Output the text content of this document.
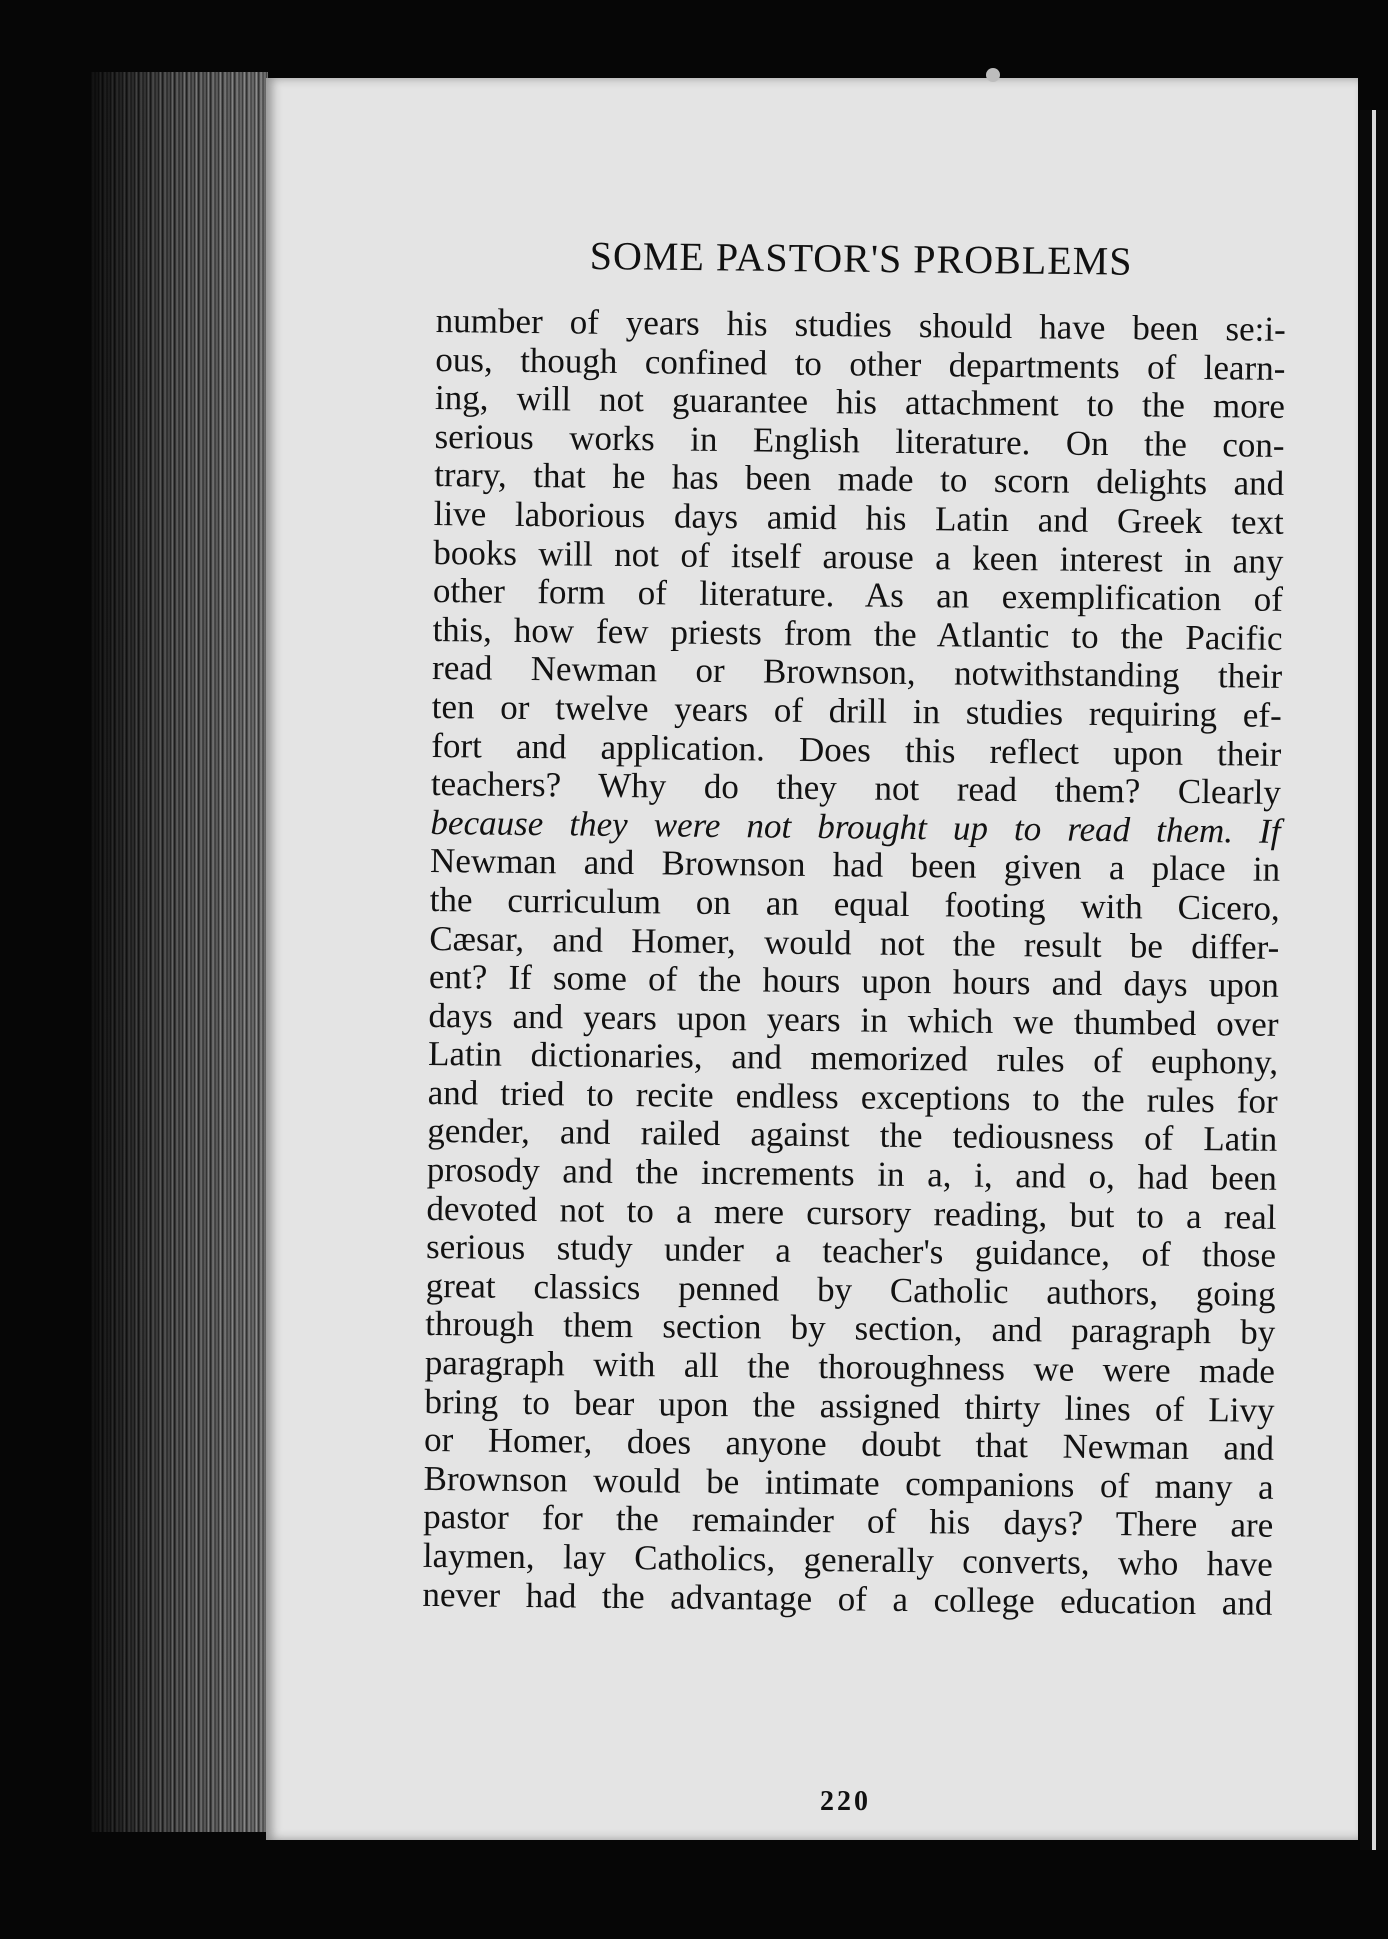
SOME PASTOR'S PROBLEMS
number of years his studies should have been se:i-
ous, though confined to other departments of learn-
ing, will not guarantee his attachment to the more
serious works in English literature. On the con-
trary, that he has been made to scorn delights and
live laborious days amid his Latin and Greek text
books will not of itself arouse a keen interest in any
other form of literature. As an exemplification of
this, how few priests from the Atlantic to the Pacific
read Newman or Brownson, notwithstanding their
ten or twelve years of drill in studies requiring ef-
fort and application. Does this reflect upon their
teachers? Why do they not read them? Clearly
because they were not brought up to read them. If
Newman and Brownson had been given a place in
the curriculum on an equal footing with Cicero,
Cæsar, and Homer, would not the result be differ-
ent? If some of the hours upon hours and days upon
days and years upon years in which we thumbed over
Latin dictionaries, and memorized rules of euphony,
and tried to recite endless exceptions to the rules for
gender, and railed against the tediousness of Latin
prosody and the increments in a, i, and o, had been
devoted not to a mere cursory reading, but to a real
serious study under a teacher's guidance, of those
great classics penned by Catholic authors, going
through them section by section, and paragraph by
paragraph with all the thoroughness we were made
bring to bear upon the assigned thirty lines of Livy
or Homer, does anyone doubt that Newman and
Brownson would be intimate companions of many a
pastor for the remainder of his days? There are
laymen, lay Catholics, generally converts, who have
never had the advantage of a college education and
220
